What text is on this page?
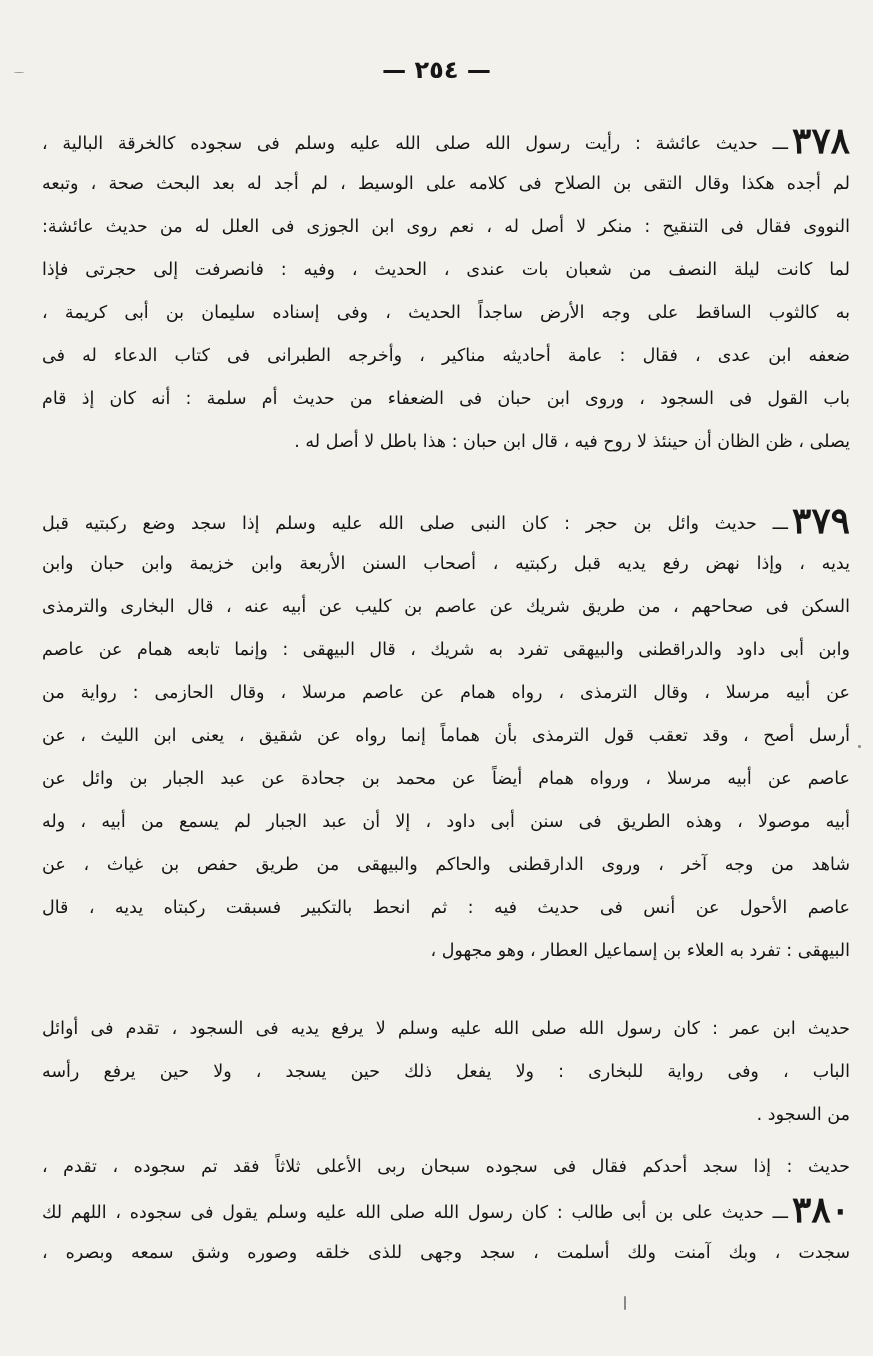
— ٢٥٤ —
٣٧٨ـــ حديث عائشة : رأيت رسول الله صلى الله عليه وسلم فى سجوده كالخرقة البالية ،
لم أجده هكذا وقال التقى بن الصلاح فى كلامه على الوسيط ، لم أجد له بعد البحث صحة ، وتبعه
النووى فقال فى التنقيح : منكر لا أصل له ، نعم روى ابن الجوزى فى العلل له من حديث عائشة:
لما كانت ليلة النصف من شعبان بات عندى ، الحديث ، وفيه : فانصرفت إلى حجرتى فإذا
به كالثوب الساقط على وجه الأرض ساجداً الحديث ، وفى إسناده سليمان بن أبى كريمة ،
ضعفه ابن عدى ، فقال : عامة أحاديثه مناكير ، وأخرجه الطبرانى فى كتاب الدعاء له فى
باب القول فى السجود ، وروى ابن حبان فى الضعفاء من حديث أم سلمة : أنه كان إذ قام
يصلى ، ظن الظان أن حينئذ لا روح فيه ، قال ابن حبان : هذا باطل لا أصل له .
٣٧٩ـــ حديث وائل بن حجر : كان النبى صلى الله عليه وسلم إذا سجد وضع ركبتيه قبل
يديه ، وإذا نهض رفع يديه قبل ركبتيه ، أصحاب السنن الأربعة وابن خزيمة وابن حبان وابن
السكن فى صحاحهم ، من طريق شريك عن عاصم بن كليب عن أبيه عنه ، قال البخارى والترمذى
وابن أبى داود والدراقطنى والبيهقى تفرد به شريك ، قال البيهقى : وإنما تابعه همام عن عاصم
عن أبيه مرسلا ، وقال الترمذى ، رواه همام عن عاصم مرسلا ، وقال الحازمى : رواية من
أرسل أصح ، وقد تعقب قول الترمذى بأن هماماً إنما رواه عن شقيق ، يعنى ابن الليث ، عن
عاصم عن أبيه مرسلا ، ورواه همام أيضاً عن محمد بن جحادة عن عبد الجبار بن وائل عن
أبيه موصولا ، وهذه الطريق فى سنن أبى داود ، إلا أن عبد الجبار لم يسمع من أبيه ، وله
شاهد من وجه آخر ، وروى الدارقطنى والحاكم والبيهقى من طريق حفص بن غياث ، عن
عاصم الأحول عن أنس فى حديث فيه : ثم انحط بالتكبير فسبقت ركبتاه يديه ، قال
البيهقى : تفرد به العلاء بن إسماعيل العطار ، وهو مجهول ،
حديث ابن عمر : كان رسول الله صلى الله عليه وسلم لا يرفع يديه فى السجود ، تقدم فى أوائل
الباب ، وفى رواية للبخارى : ولا يفعل ذلك حين يسجد ، ولا حين يرفع رأسه
من السجود .
حديث : إذا سجد أحدكم فقال فى سجوده سبحان ربى الأعلى ثلاثاً فقد تم سجوده ، تقدم ،
٣٨٠ـــ حديث على بن أبى طالب : كان رسول الله صلى الله عليه وسلم يقول فى سجوده ، اللهم لك
سجدت ، وبك آمنت ولك أسلمت ، سجد وجهى للذى خلقه وصوره وشق سمعه وبصره ،
